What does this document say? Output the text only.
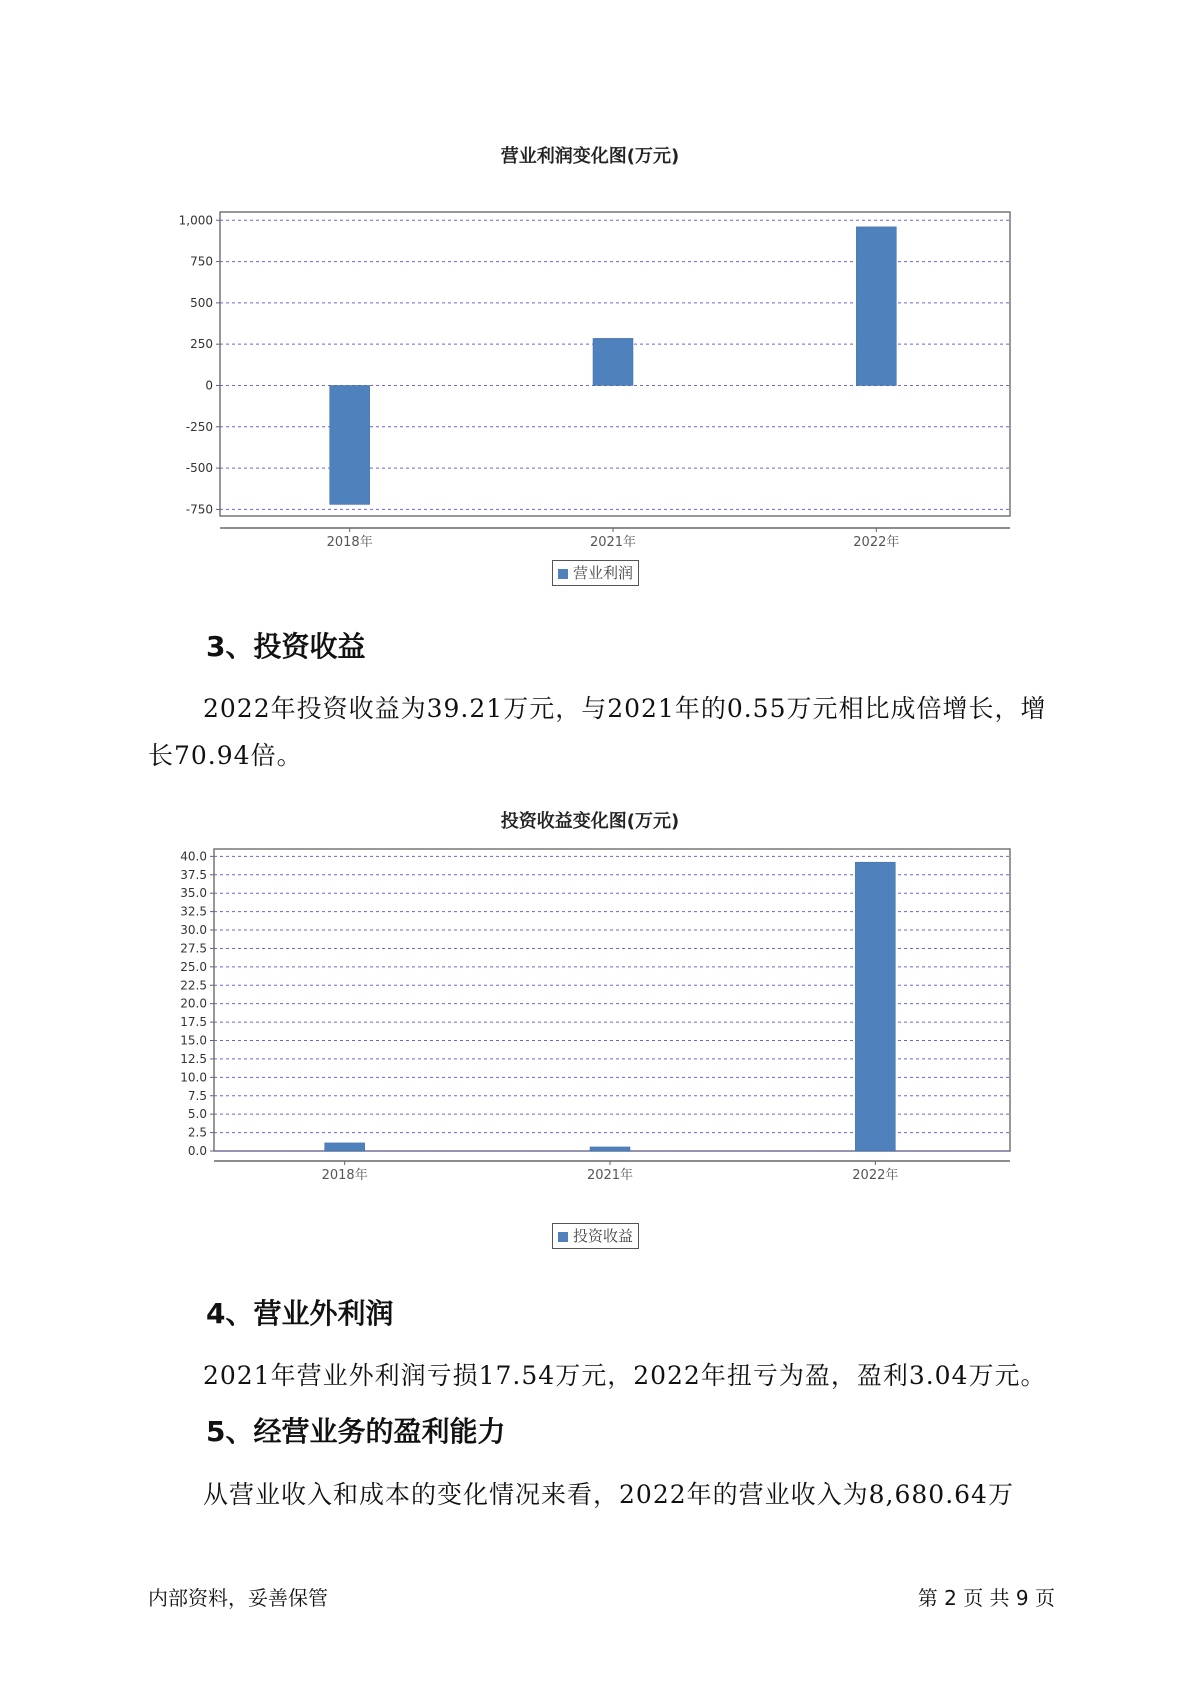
营业利润变化图(万元)
1,000
750
500
250
0
-250
-500
-750
2018年	2021年	2022年
营业利润
3、投资收益
2022年投资收益为39.21万元，与2021年的0.55万元相比成倍增长，增
长70.94倍。
投资收益变化图(万元)
40.0
37.5
35.0
32.5
30.0
27.5
25.0
22.5
20.0
17.5
15.0
12.5
10.0
7.5
5.0
2.5
0.0
2018年	2021年	2022年
投资收益
4、营业外利润
2021年营业外利润亏损17.54万元，2022年扭亏为盈，盈利3.04万元。
5、经营业务的盈利能力
从营业收入和成本的变化情况来看，2022年的营业收入为8,680.64万
内部资料，妥善保管	第 2 页 共 9 页
